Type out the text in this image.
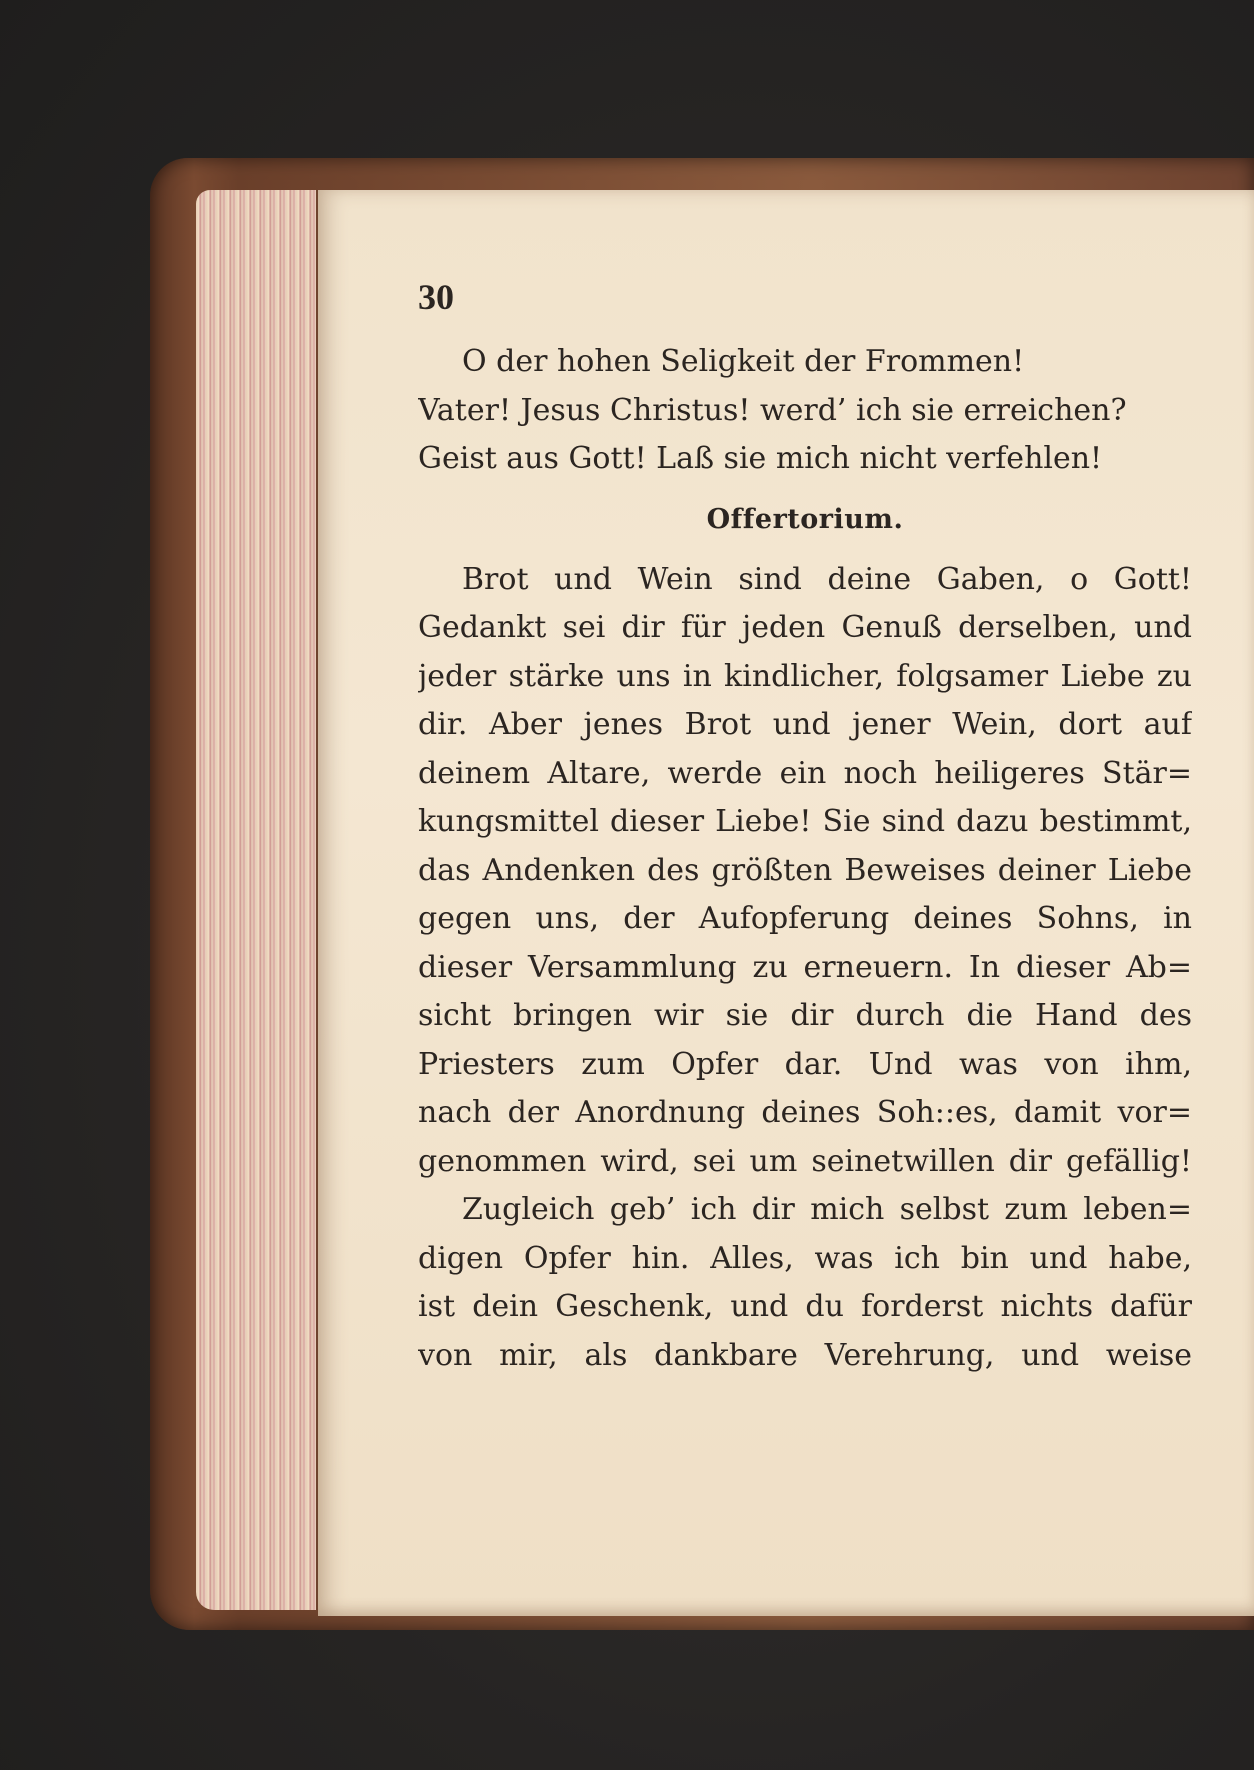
30
O der hohen Seligkeit der Frommen!
Vater! Jesus Christus! werd’ ich sie erreichen?
Geist aus Gott! Laß sie mich nicht verfehlen!
Offertorium.
Brot und Wein sind deine Gaben, o Gott!
Gedankt sei dir für jeden Genuß derselben, und
jeder stärke uns in kindlicher, folgsamer Liebe zu
dir. Aber jenes Brot und jener Wein, dort auf
deinem Altare, werde ein noch heiligeres Stär=
kungsmittel dieser Liebe! Sie sind dazu bestimmt,
das Andenken des größten Beweises deiner Liebe
gegen uns, der Aufopferung deines Sohns, in
dieser Versammlung zu erneuern. In dieser Ab=
sicht bringen wir sie dir durch die Hand des
Priesters zum Opfer dar. Und was von ihm,
nach der Anordnung deines Soh::es, damit vor=
genommen wird, sei um seinetwillen dir gefällig!
Zugleich geb’ ich dir mich selbst zum leben=
digen Opfer hin. Alles, was ich bin und habe,
ist dein Geschenk, und du forderst nichts dafür
von mir, als dankbare Verehrung, und weise
